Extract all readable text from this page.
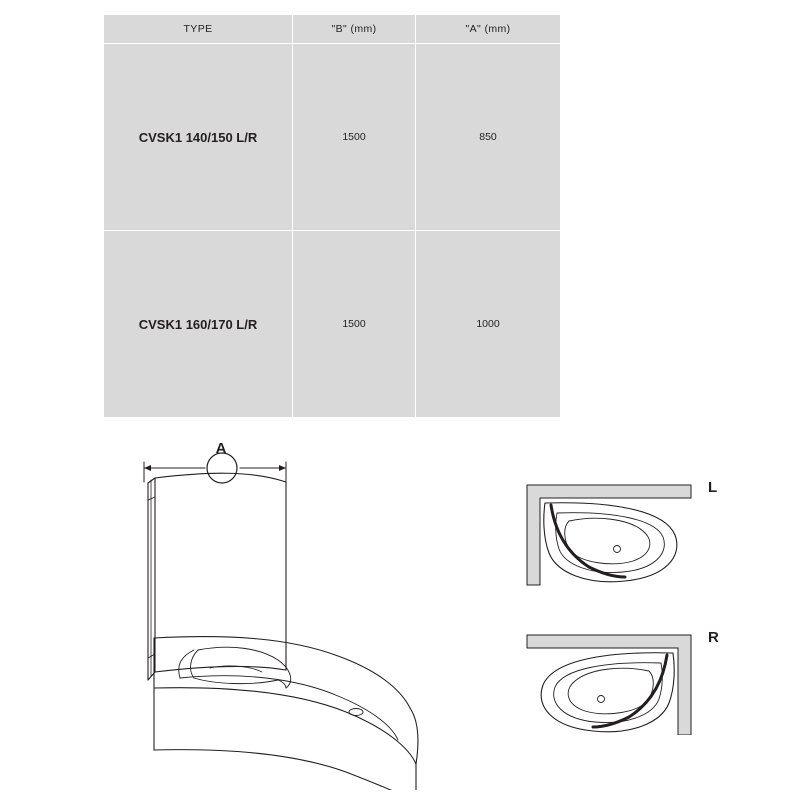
TYPE	"B" (mm)	"A" (mm)
CVSK1 140/150 L/R	1500	850
CVSK1 160/170 L/R	1500	1000
L
R
A
